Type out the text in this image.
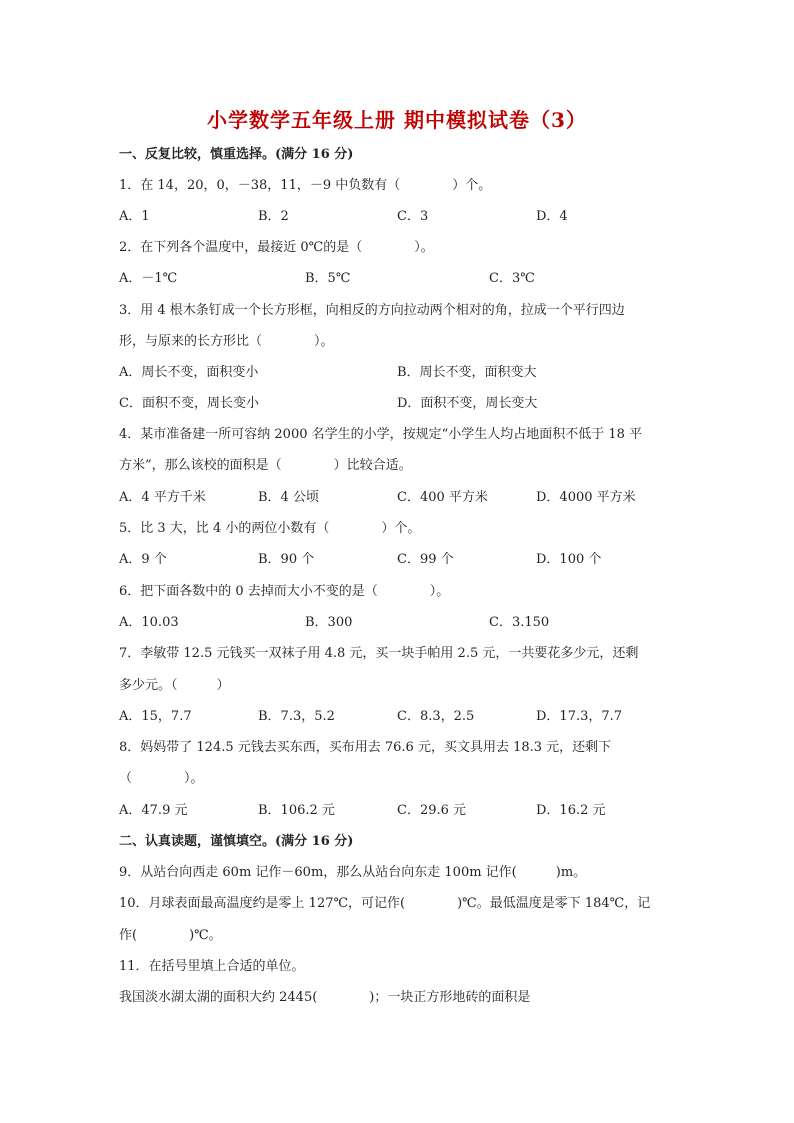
小学数学五年级上册 期中模拟试卷（3）
一、反复比较，慎重选择。(满分 16 分)
1．在 14，20，0，－38，11，－9 中负数有（　　　　）个。
A．1	B．2	C．3	D．4
2．在下列各个温度中，最接近 0℃的是（　　　　）。
A．－1℃	B．5℃	C．3℃
3．用 4 根木条钉成一个长方形框，向相反的方向拉动两个相对的角，拉成一个平行四边
形，与原来的长方形比（　　　　）。
A．周长不变，面积变小	B．周长不变，面积变大
C．面积不变，周长变小	D．面积不变，周长变大
4．某市准备建一所可容纳 2000 名学生的小学，按规定“小学生人均占地面积不低于 18 平
方米”，那么该校的面积是（　　　　）比较合适。
A．4 平方千米	B．4 公顷	C．400 平方米	D．4000 平方米
5．比 3 大，比 4 小的两位小数有（　　　　）个。
A．9 个	B．90 个	C．99 个	D．100 个
6．把下面各数中的 0 去掉而大小不变的是（　　　　）。
A．10.03	B．300	C．3.150
7．李敏带 12.5 元钱买一双袜子用 4.8 元，买一块手帕用 2.5 元，一共要花多少元，还剩
多少元。（　　　）
A．15，7.7	B．7.3，5.2	C．8.3，2.5	D．17.3，7.7
8．妈妈带了 124.5 元钱去买东西，买布用去 76.6 元，买文具用去 18.3 元，还剩下
（　　　　）。
A．47.9 元	B．106.2 元	C．29.6 元	D．16.2 元
二、认真读题，谨慎填空。(满分 16 分)
9．从站台向西走 60m 记作－60m，那么从站台向东走 100m 记作(　　　)m。
10．月球表面最高温度约是零上 127℃，可记作(　　　　)℃。最低温度是零下 184℃，记
作(　　　　)℃。
11．在括号里填上合适的单位。
我国淡水湖太湖的面积大约 2445(　　　　)；一块正方形地砖的面积是
